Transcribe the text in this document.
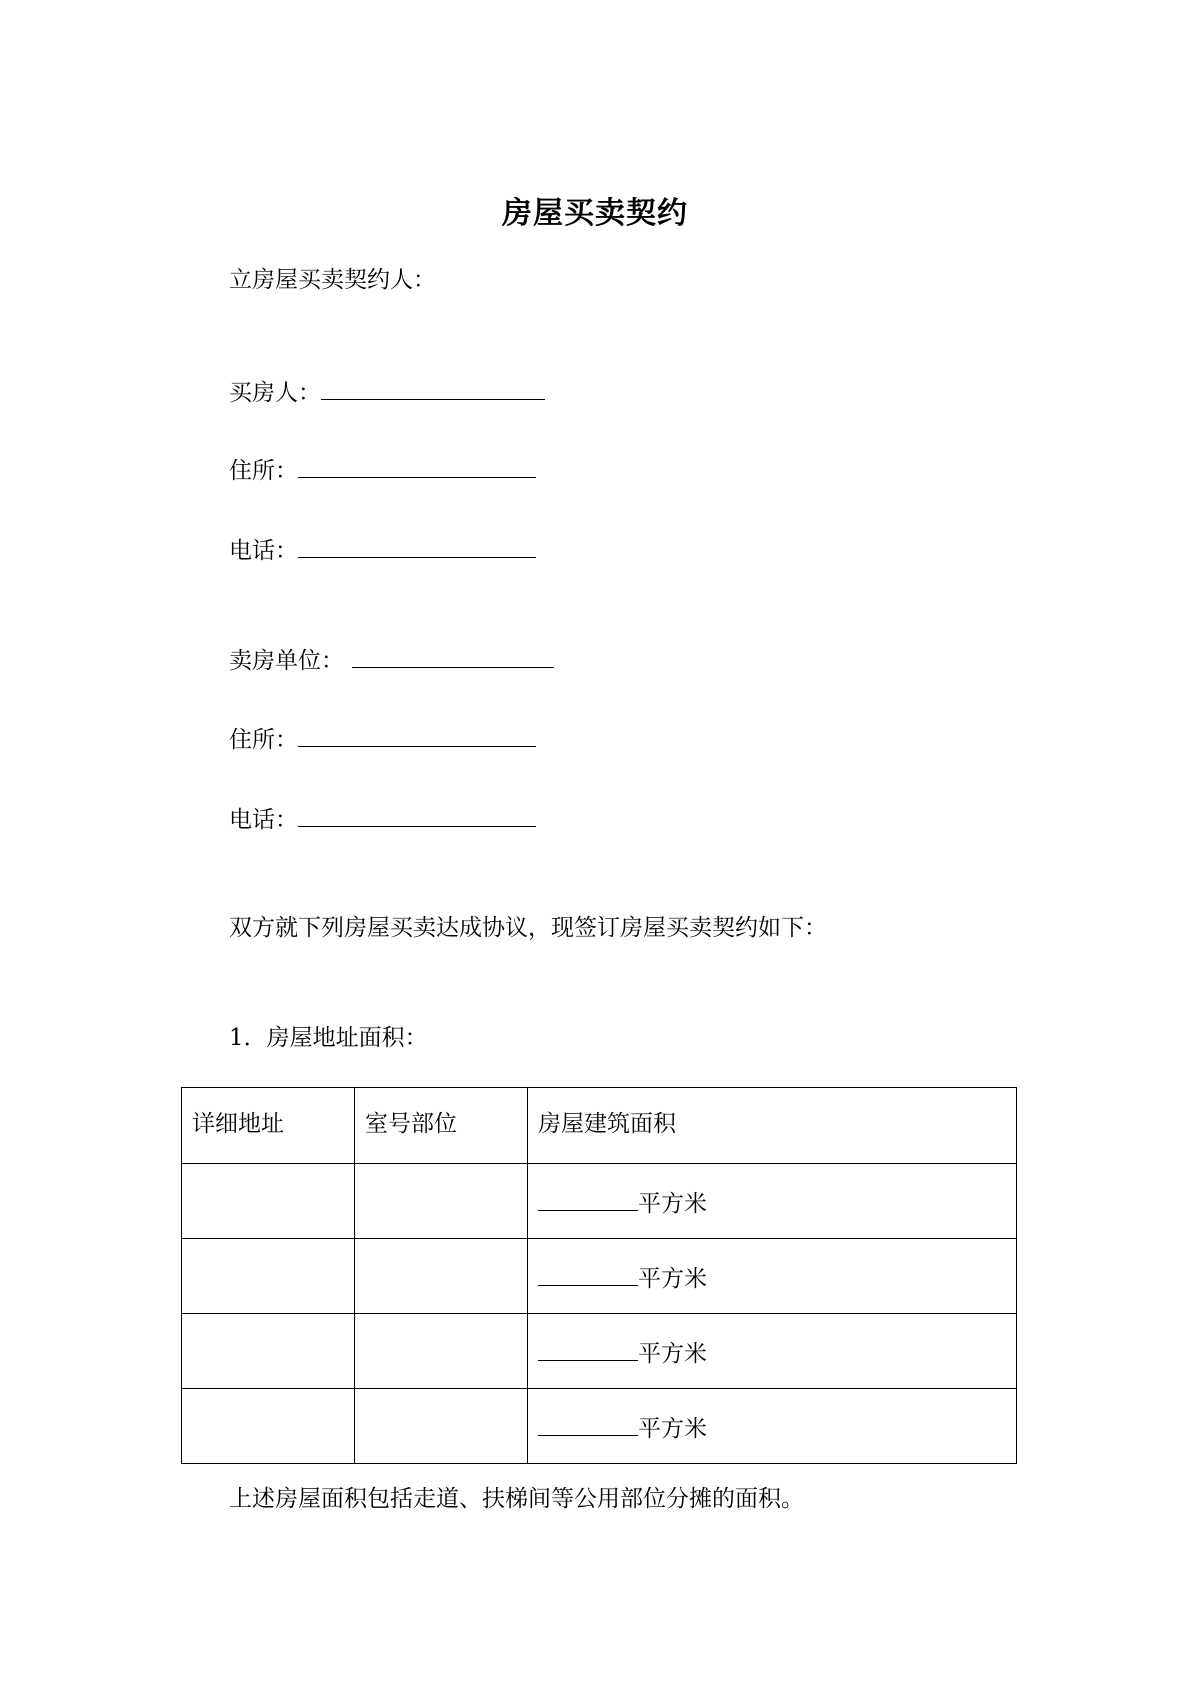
房屋买卖契约
立房屋买卖契约人：
买房人：
住所：
电话：
卖房单位：
住所：
电话：
双方就下列房屋买卖达成协议，现签订房屋买卖契约如下：
1．房屋地址面积：
详细地址	室号部位	房屋建筑面积
		平方米
		平方米
		平方米
		平方米
上述房屋面积包括走道、扶梯间等公用部位分摊的面积。
